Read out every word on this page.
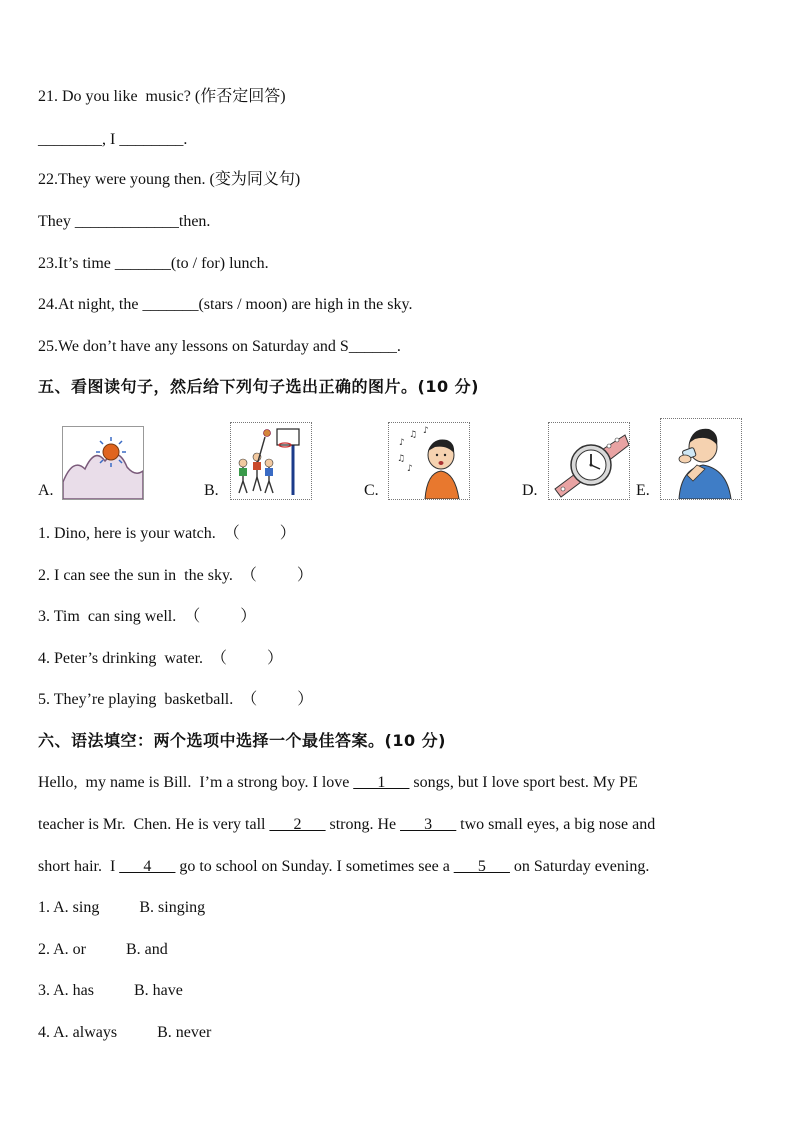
21. Do you like  music? (作否定回答)
________, I ________.
22.They were young then. (变为同义句)
They _____________then.
23.It’s time _______(to / for) lunch.
24.At night, the _______(stars / moon) are high in the sky.
25.We don’t have any lessons on Saturday and S______.
五、看图读句子，然后给下列句子选出正确的图片。(10 分)
A.	B.	C.
♪
♫ ♪
♫
♪
D.	E.
1. Dino, here is your watch.  （          ）
2. I can see the sun in  the sky.  （          ）
3. Tim  can sing well.  （          ）
4. Peter’s drinking  water.  （          ）
5. They’re playing  basketball.  （          ）
六、语法填空：两个选项中选择一个最佳答案。(10 分)
Hello,  my name is Bill.  I’m a strong boy. I love ___1___ songs, but I love sport best. My PE
teacher is Mr.  Chen. He is very tall ___2___ strong. He ___3___ two small eyes, a big nose and
short hair.  I ___4___ go to school on Sunday. I sometimes see a ___5___ on Saturday evening.
1. A. sing          B. singing
2. A. or          B. and
3. A. has          B. have
4. A. always          B. never
